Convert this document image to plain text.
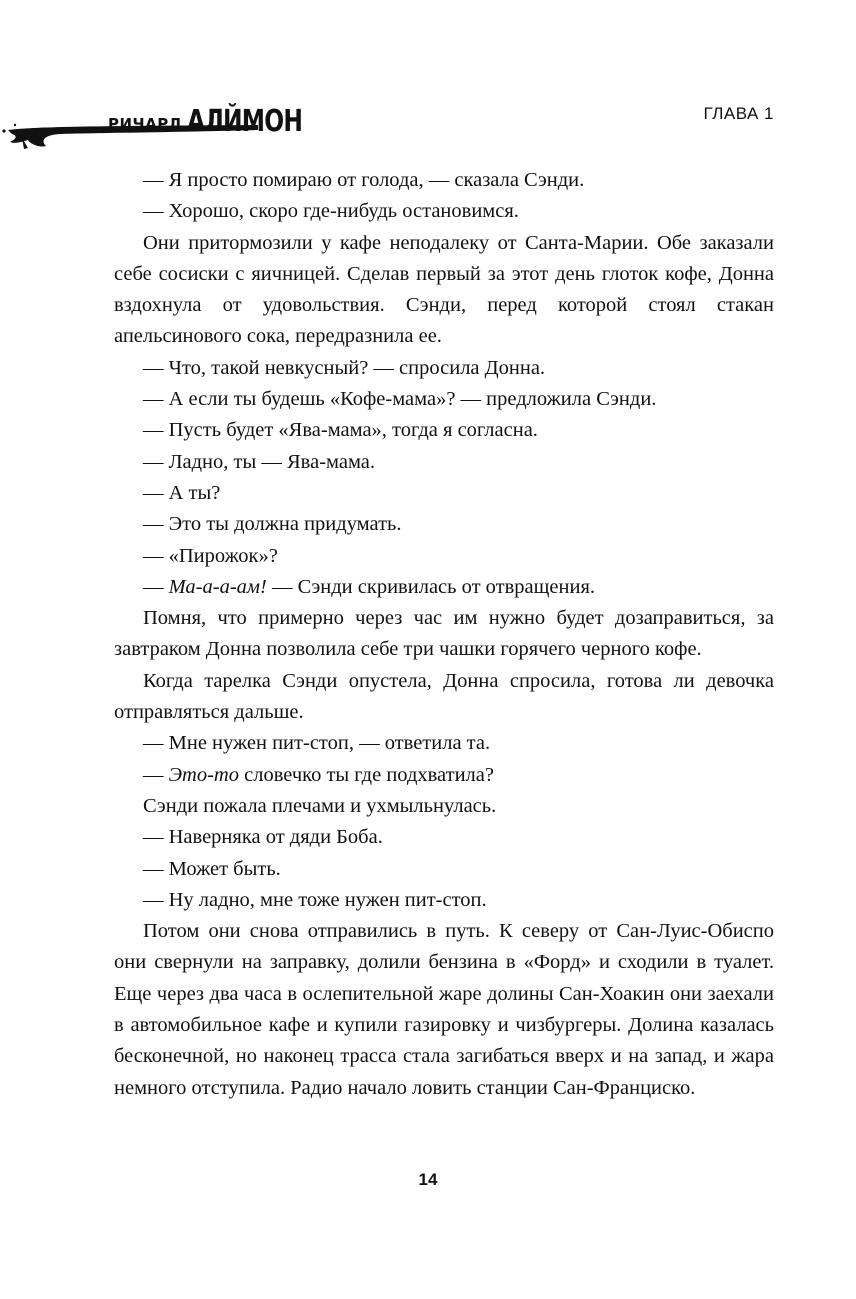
РИЧАРД АЛЙМОН	ГЛАВА 1

— Я просто помираю от голода, — сказала Сэнди.

— Хорошо, скоро где-нибудь остановимся.

Они притормозили у кафе неподалеку от Санта-Марии. Обе заказали себе сосиски с яичницей. Сделав первый за этот день глоток кофе, Донна вздохнула от удовольствия. Сэнди, перед которой стоял стакан апельсинового сока, передразнила ее.

— Что, такой невкусный? — спросила Донна.

— А если ты будешь «Кофе-мама»? — предложила Сэнди.

— Пусть будет «Ява-мама», тогда я согласна.

— Ладно, ты — Ява-мама.

— А ты?

— Это ты должна придумать.

— «Пирожок»?

— Ма-а-а-ам! — Сэнди скривилась от отвращения.

Помня, что примерно через час им нужно будет дозаправиться, за завтраком Донна позволила себе три чашки горячего черного кофе.

Когда тарелка Сэнди опустела, Донна спросила, готова ли девочка отправляться дальше.

— Мне нужен пит-стоп, — ответила та.

— Это-то словечко ты где подхватила?

Сэнди пожала плечами и ухмыльнулась.

— Наверняка от дяди Боба.

— Может быть.

— Ну ладно, мне тоже нужен пит-стоп.

Потом они снова отправились в путь. К северу от Сан-Луис-Обиспо они свернули на заправку, долили бензина в «Форд» и сходили в туалет. Еще через два часа в ослепительной жаре долины Сан-Хоакин они заехали в автомобильное кафе и купили газировку и чизбургеры. Долина казалась бесконечной, но наконец трасса стала загибаться вверх и на запад, и жара немного отступила. Радио начало ловить станции Сан-Франциско.

14
